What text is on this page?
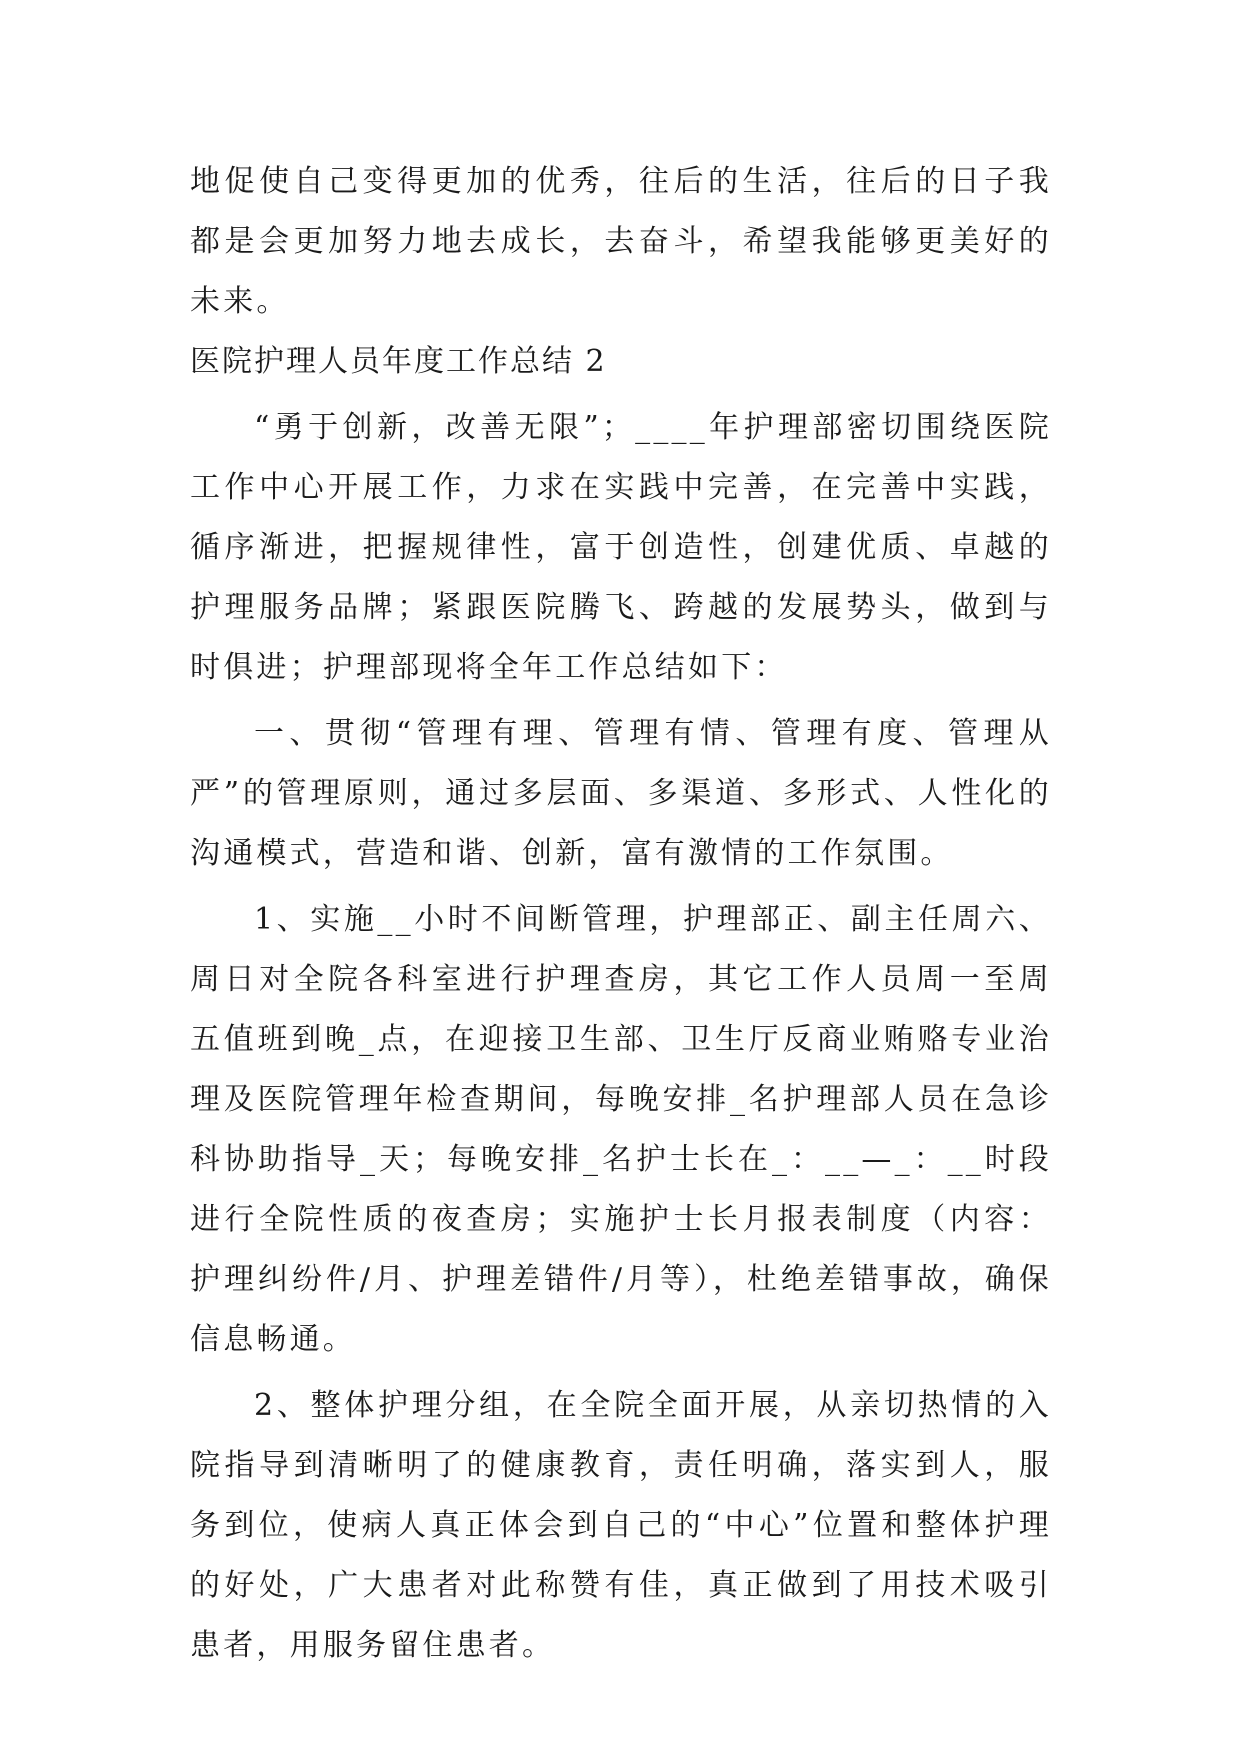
地促使自己变得更加的优秀，往后的生活，往后的日子我都是会更加努力地去成长，去奋斗，希望我能够更美好的未来。

医院护理人员年度工作总结 2

“勇于创新，改善无限”；____年护理部密切围绕医院工作中心开展工作，力求在实践中完善，在完善中实践，循序渐进，把握规律性，富于创造性，创建优质、卓越的护理服务品牌；紧跟医院腾飞、跨越的发展势头，做到与时俱进；护理部现将全年工作总结如下：

一、贯彻“管理有理、管理有情、管理有度、管理从严”的管理原则，通过多层面、多渠道、多形式、人性化的沟通模式，营造和谐、创新，富有激情的工作氛围。

1、实施__小时不间断管理，护理部正、副主任周六、周日对全院各科室进行护理查房，其它工作人员周一至周五值班到晚_点，在迎接卫生部、卫生厅反商业贿赂专业治理及医院管理年检查期间，每晚安排_名护理部人员在急诊科协助指导_天；每晚安排_名护士长在_：__—_：__时段进行全院性质的夜查房；实施护士长月报表制度（内容：护理纠纷件/月、护理差错件/月等），杜绝差错事故，确保信息畅通。

2、整体护理分组，在全院全面开展，从亲切热情的入院指导到清晰明了的健康教育，责任明确，落实到人，服务到位，使病人真正体会到自己的“中心”位置和整体护理的好处，广大患者对此称赞有佳，真正做到了用技术吸引患者，用服务留住患者。
